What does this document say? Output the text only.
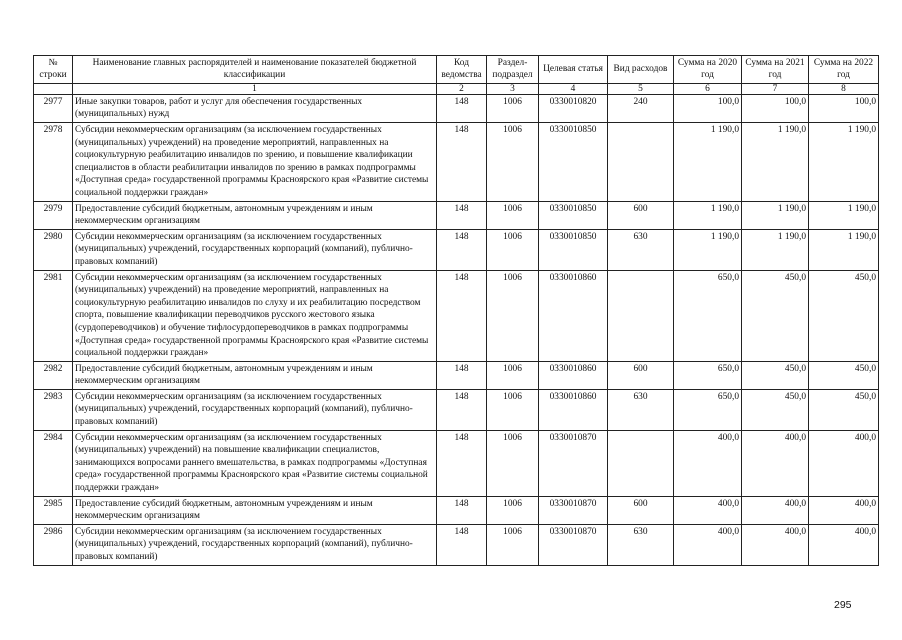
№ строки	Наименование главных распорядителей и наименование показателей бюджетной классификации	Код ведомства	Раздел-подраздел	Целевая статья	Вид расходов	Сумма на 2020 год	Сумма на 2021 год	Сумма на 2022 год
	1	2	3	4	5	6	7	8
2977	Иные закупки товаров, работ и услуг для обеспечения государственных (муниципальных) нужд	148	1006	0330010820	240	100,0	100,0	100,0
2978	Субсидии некоммерческим организациям (за исключением государственных (муниципальных) учреждений) на проведение мероприятий, направленных на социокультурную реабилитацию инвалидов по зрению, и повышение квалификации специалистов в области реабилитации инвалидов по зрению в рамках подпрограммы «Доступная среда» государственной программы Красноярского края «Развитие системы социальной поддержки граждан»	148	1006	0330010850		1 190,0	1 190,0	1 190,0
2979	Предоставление субсидий бюджетным, автономным учреждениям и иным некоммерческим организациям	148	1006	0330010850	600	1 190,0	1 190,0	1 190,0
2980	Субсидии некоммерческим организациям (за исключением государственных (муниципальных) учреждений, государственных корпораций (компаний), публично-правовых компаний)	148	1006	0330010850	630	1 190,0	1 190,0	1 190,0
2981	Субсидии некоммерческим организациям (за исключением государственных (муниципальных) учреждений) на проведение мероприятий, направленных на социокультурную реабилитацию инвалидов по слуху и их реабилитацию посредством спорта, повышение квалификации переводчиков русского жестового языка (сурдопереводчиков) и обучение тифлосурдопереводчиков в рамках подпрограммы «Доступная среда» государственной программы Красноярского края «Развитие системы социальной поддержки граждан»	148	1006	0330010860		650,0	450,0	450,0
2982	Предоставление субсидий бюджетным, автономным учреждениям и иным некоммерческим организациям	148	1006	0330010860	600	650,0	450,0	450,0
2983	Субсидии некоммерческим организациям (за исключением государственных (муниципальных) учреждений, государственных корпораций (компаний), публично-правовых компаний)	148	1006	0330010860	630	650,0	450,0	450,0
2984	Субсидии некоммерческим организациям (за исключением государственных (муниципальных) учреждений) на повышение квалификации специалистов, занимающихся вопросами раннего вмешательства, в рамках подпрограммы «Доступная среда» государственной программы Красноярского края «Развитие системы социальной поддержки граждан»	148	1006	0330010870		400,0	400,0	400,0
2985	Предоставление субсидий бюджетным, автономным учреждениям и иным некоммерческим организациям	148	1006	0330010870	600	400,0	400,0	400,0
2986	Субсидии некоммерческим организациям (за исключением государственных (муниципальных) учреждений, государственных корпораций (компаний), публично-правовых компаний)	148	1006	0330010870	630	400,0	400,0	400,0
295
